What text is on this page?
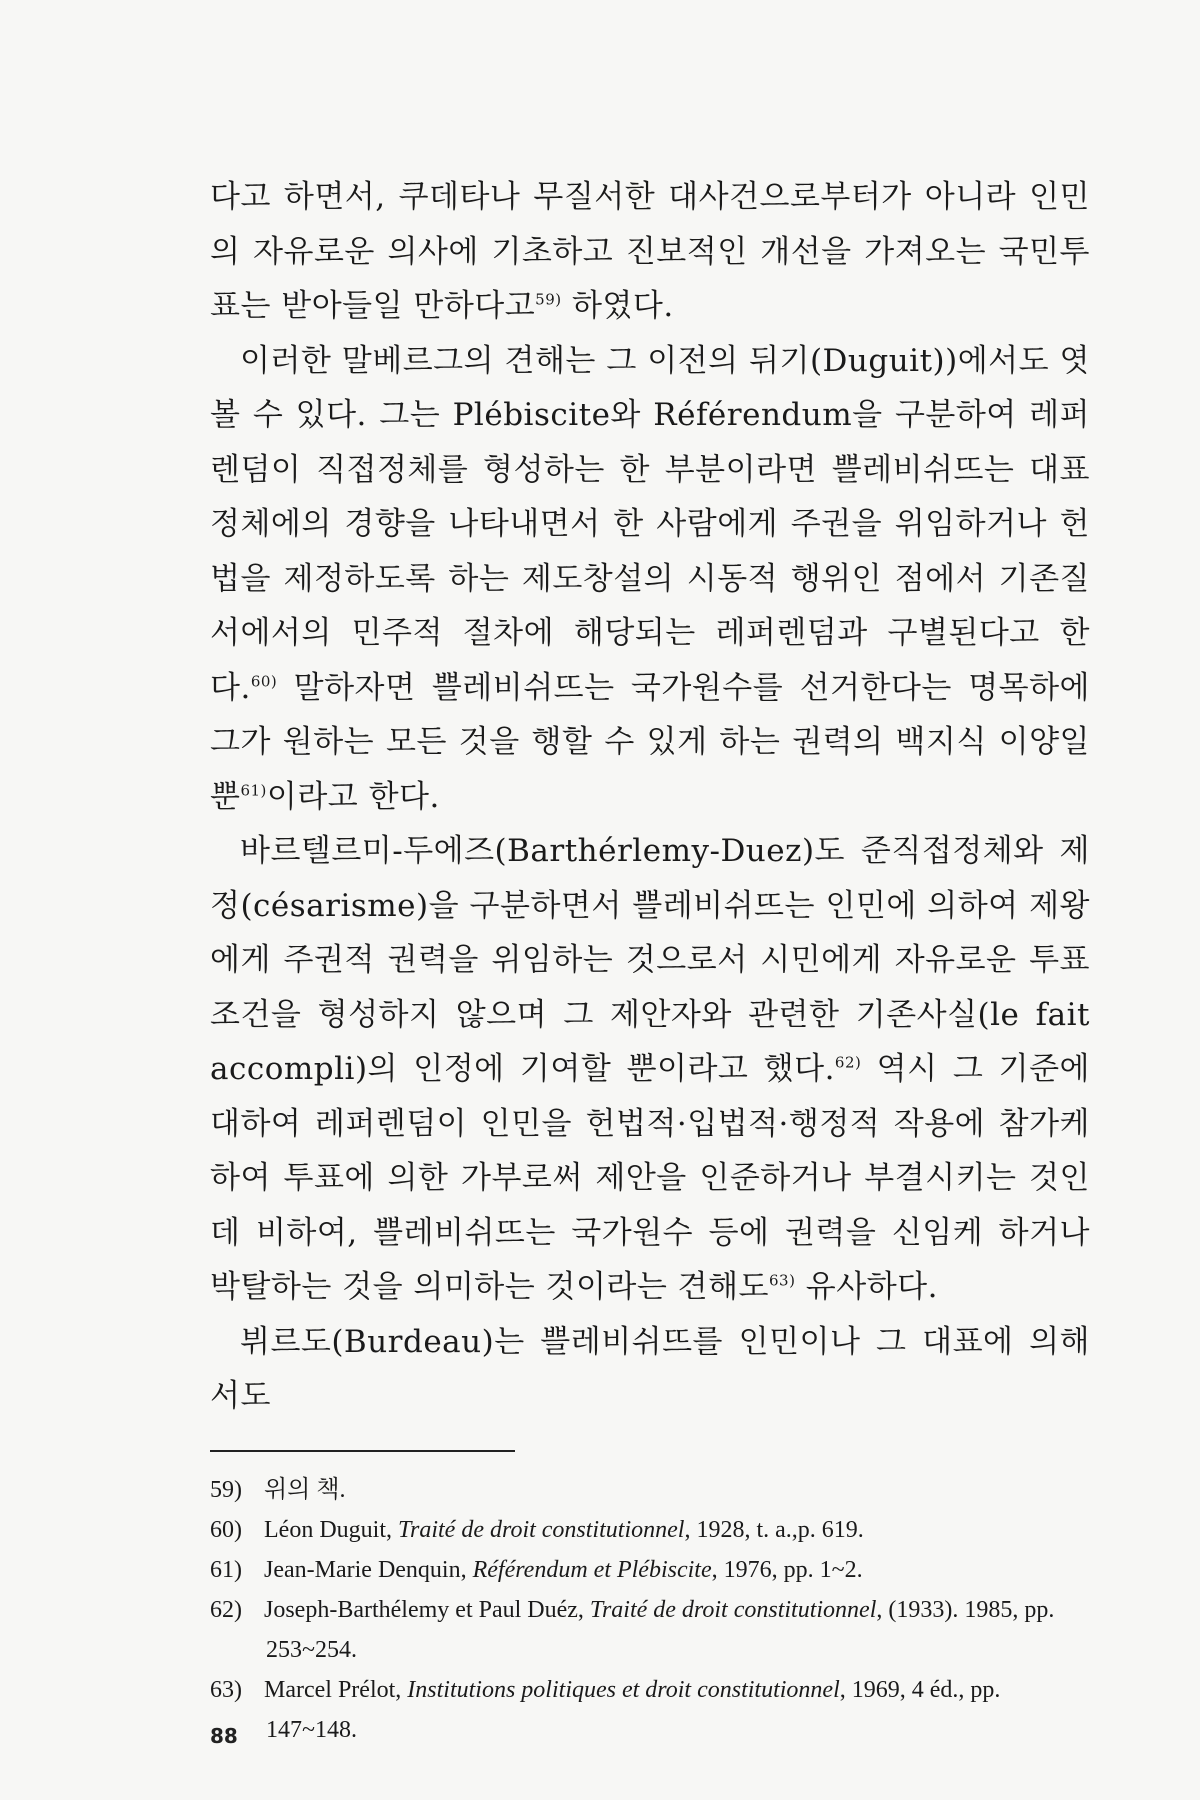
다고 하면서, 쿠데타나 무질서한 대사건으로부터가 아니라 인민의 자유로운 의사에 기초하고 진보적인 개선을 가져오는 국민투표는 받아들일 만하다고$^{59)}$ 하였다.

이러한 말베르그의 견해는 그 이전의 뒤기(Duguit))에서도 엿볼 수 있다. 그는 Plébiscite와 Référendum을 구분하여 레퍼렌덤이 직접정체를 형성하는 한 부분이라면 쁠레비쉬뜨는 대표정체에의 경향을 나타내면서 한 사람에게 주권을 위임하거나 헌법을 제정하도록 하는 제도창설의 시동적 행위인 점에서 기존질서에서의 민주적 절차에 해당되는 레퍼렌덤과 구별된다고 한다.$^{60)}$ 말하자면 쁠레비쉬뜨는 국가원수를 선거한다는 명목하에 그가 원하는 모든 것을 행할 수 있게 하는 권력의 백지식 이양일 뿐$^{61)}$이라고 한다.

바르텔르미-두에즈(Barthérlemy-Duez)도 준직접정체와 제정(césarisme)을 구분하면서 쁠레비쉬뜨는 인민에 의하여 제왕에게 주권적 권력을 위임하는 것으로서 시민에게 자유로운 투표조건을 형성하지 않으며 그 제안자와 관련한 기존사실(le fait accompli)의 인정에 기여할 뿐이라고 했다.$^{62)}$ 역시 그 기준에 대하여 레퍼렌덤이 인민을 헌법적·입법적·행정적 작용에 참가케 하여 투표에 의한 가부로써 제안을 인준하거나 부결시키는 것인데 비하여, 쁠레비쉬뜨는 국가원수 등에 권력을 신임케 하거나 박탈하는 것을 의미하는 것이라는 견해도$^{63)}$ 유사하다.

뷔르도(Burdeau)는 쁠레비쉬뜨를 인민이나 그 대표에 의해서도

59) 위의 책.

60) Léon Duguit, Traité de droit constitutionnel, 1928, t. a.,p. 619.

61) Jean-Marie Denquin, Référendum et Plébiscite, 1976, pp. 1~2.

62) Joseph-Barthélemy et Paul Duéz, Traité de droit constitutionnel, (1933). 1985, pp. 253~254.

63) Marcel Prélot, Institutions politiques et droit constitutionnel, 1969, 4 éd., pp. 147~148.

88
